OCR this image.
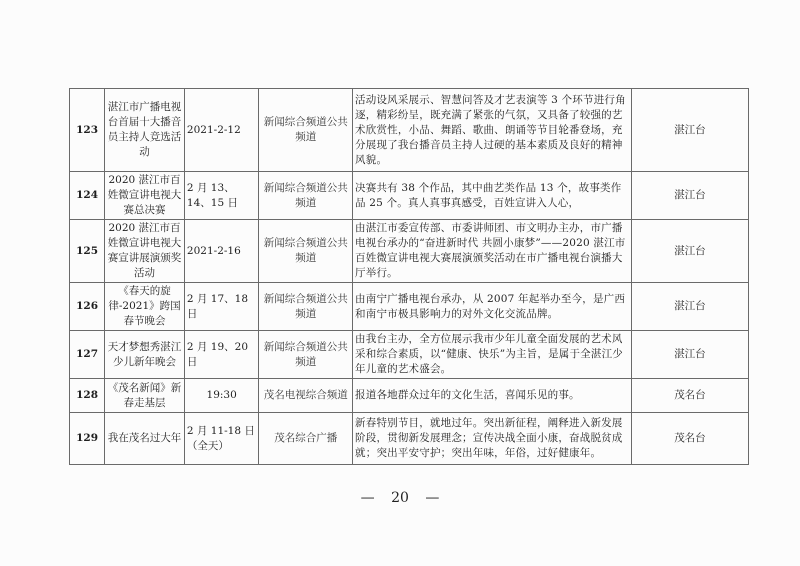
123	湛江市广播电视台首届十大播音员主持人竞选活动	2021-2-12	新闻综合频道公共频道	活动设风采展示、智慧问答及才艺表演等 3 个环节进行角逐，精彩纷呈，既充满了紧张的气氛，又具备了较强的艺术欣赏性，小品、舞蹈、歌曲、朗诵等节目轮番登场，充分展现了我台播音员主持人过硬的基本素质及良好的精神风貌。	湛江台
124	2020 湛江市百姓微宣讲电视大赛总决赛	2 月 13、14、15 日	新闻综合频道公共频道	决赛共有 38 个作品，其中曲艺类作品 13 个，故事类作品 25 个。真人真事真感受，百姓宣讲入人心，	湛江台
125	2020 湛江市百姓微宣讲电视大赛宣讲展演颁奖活动	2021-2-16	新闻综合频道公共频道	由湛江市委宣传部、市委讲师团、市文明办主办，市广播电视台承办的“奋进新时代 共圆小康梦”——2020 湛江市百姓微宣讲电视大赛展演颁奖活动在市广播电视台演播大厅举行。	湛江台
126	《春天的旋律-2021》跨国春节晚会	2 月 17、18 日	新闻综合频道公共频道	由南宁广播电视台承办，从 2007 年起举办至今，是广西和南宁市极具影响力的对外文化交流品牌。	湛江台
127	天才梦想秀湛江少儿新年晚会	2 月 19、20 日	新闻综合频道公共频道	由我台主办，全方位展示我市少年儿童全面发展的艺术风采和综合素质，以“健康、快乐”为主旨，是属于全湛江少年儿童的艺术盛会。	湛江台
128	《茂名新闻》新春走基层	19:30	茂名电视综合频道	报道各地群众过年的文化生活，喜闻乐见的事。	茂名台
129	我在茂名过大年	2 月 11-18 日（全天）	茂名综合广播	新春特别节目，就地过年。突出新征程，阐释进入新发展阶段，贯彻新发展理念；宣传决战全面小康，奋战脱贫成就；突出平安守护；突出年味，年俗，过好健康年。	茂名台
— 20 —
